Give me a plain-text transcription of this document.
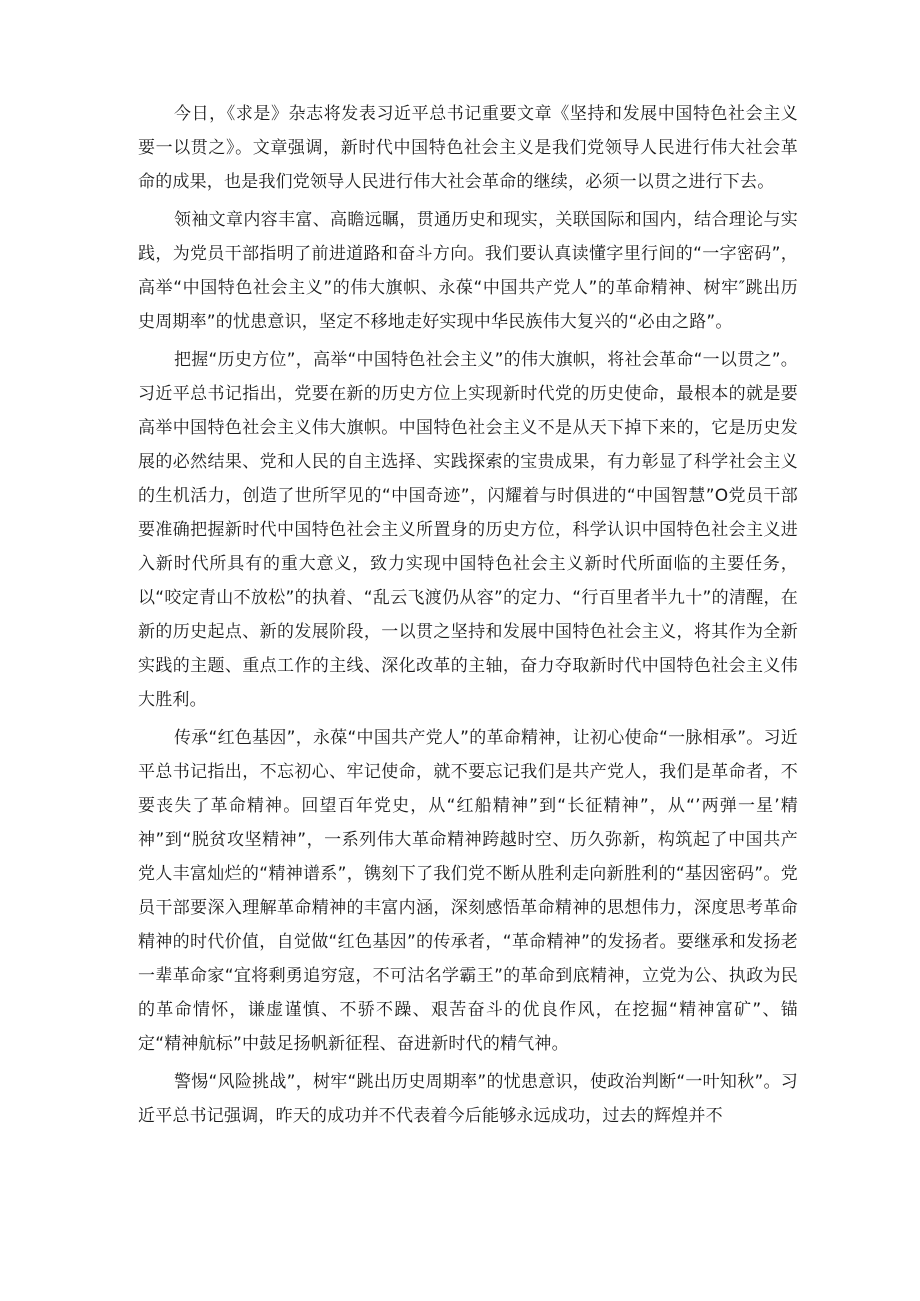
今日，《求是》杂志将发表习近平总书记重要文章《坚持和发展中国特色社会主义要一以贯之》。文章强调，新时代中国特色社会主义是我们党领导人民进行伟大社会革命的成果，也是我们党领导人民进行伟大社会革命的继续，必须一以贯之进行下去。

领袖文章内容丰富、高瞻远瞩，贯通历史和现实，关联国际和国内，结合理论与实践，为党员干部指明了前进道路和奋斗方向。我们要认真读懂字里行间的“一字密码”，高举“中国特色社会主义”的伟大旗帜、永葆“中国共产党人”的革命精神、树牢″跳出历史周期率”的忧患意识，坚定不移地走好实现中华民族伟大复兴的“必由之路”。

把握“历史方位”，高举“中国特色社会主义”的伟大旗帜，将社会革命“一以贯之”。习近平总书记指出，党要在新的历史方位上实现新时代党的历史使命，最根本的就是要高举中国特色社会主义伟大旗帜。中国特色社会主义不是从天下掉下来的，它是历史发展的必然结果、党和人民的自主选择、实践探索的宝贵成果，有力彰显了科学社会主义的生机活力，创造了世所罕见的“中国奇迹”，闪耀着与时俱进的“中国智慧”O党员干部要准确把握新时代中国特色社会主义所置身的历史方位，科学认识中国特色社会主义进入新时代所具有的重大意义，致力实现中国特色社会主义新时代所面临的主要任务，以“咬定青山不放松”的执着、“乱云飞渡仍从容”的定力、“行百里者半九十”的清醒，在新的历史起点、新的发展阶段，一以贯之坚持和发展中国特色社会主义，将其作为全新实践的主题、重点工作的主线、深化改革的主轴，奋力夺取新时代中国特色社会主义伟大胜利。

传承“红色基因”，永葆“中国共产党人”的革命精神，让初心使命“一脉相承”。习近平总书记指出，不忘初心、牢记使命，就不要忘记我们是共产党人，我们是革命者，不要丧失了革命精神。回望百年党史，从“红船精神”到“长征精神”，从“’两弹一星’精神”到“脱贫攻坚精神”，一系列伟大革命精神跨越时空、历久弥新，构筑起了中国共产党人丰富灿烂的“精神谱系”，镌刻下了我们党不断从胜利走向新胜利的“基因密码”。党员干部要深入理解革命精神的丰富内涵，深刻感悟革命精神的思想伟力，深度思考革命精神的时代价值，自觉做“红色基因”的传承者，“革命精神”的发扬者。要继承和发扬老一辈革命家“宜将剩勇追穷寇，不可沽名学霸王”的革命到底精神，立党为公、执政为民的革命情怀，谦虚谨慎、不骄不躁、艰苦奋斗的优良作风，在挖掘“精神富矿”、锚定“精神航标”中鼓足扬帆新征程、奋进新时代的精气神。

警惕“风险挑战”，树牢“跳出历史周期率”的忧患意识，使政治判断“一叶知秋”。习近平总书记强调，昨天的成功并不代表着今后能够永远成功，过去的辉煌并不
